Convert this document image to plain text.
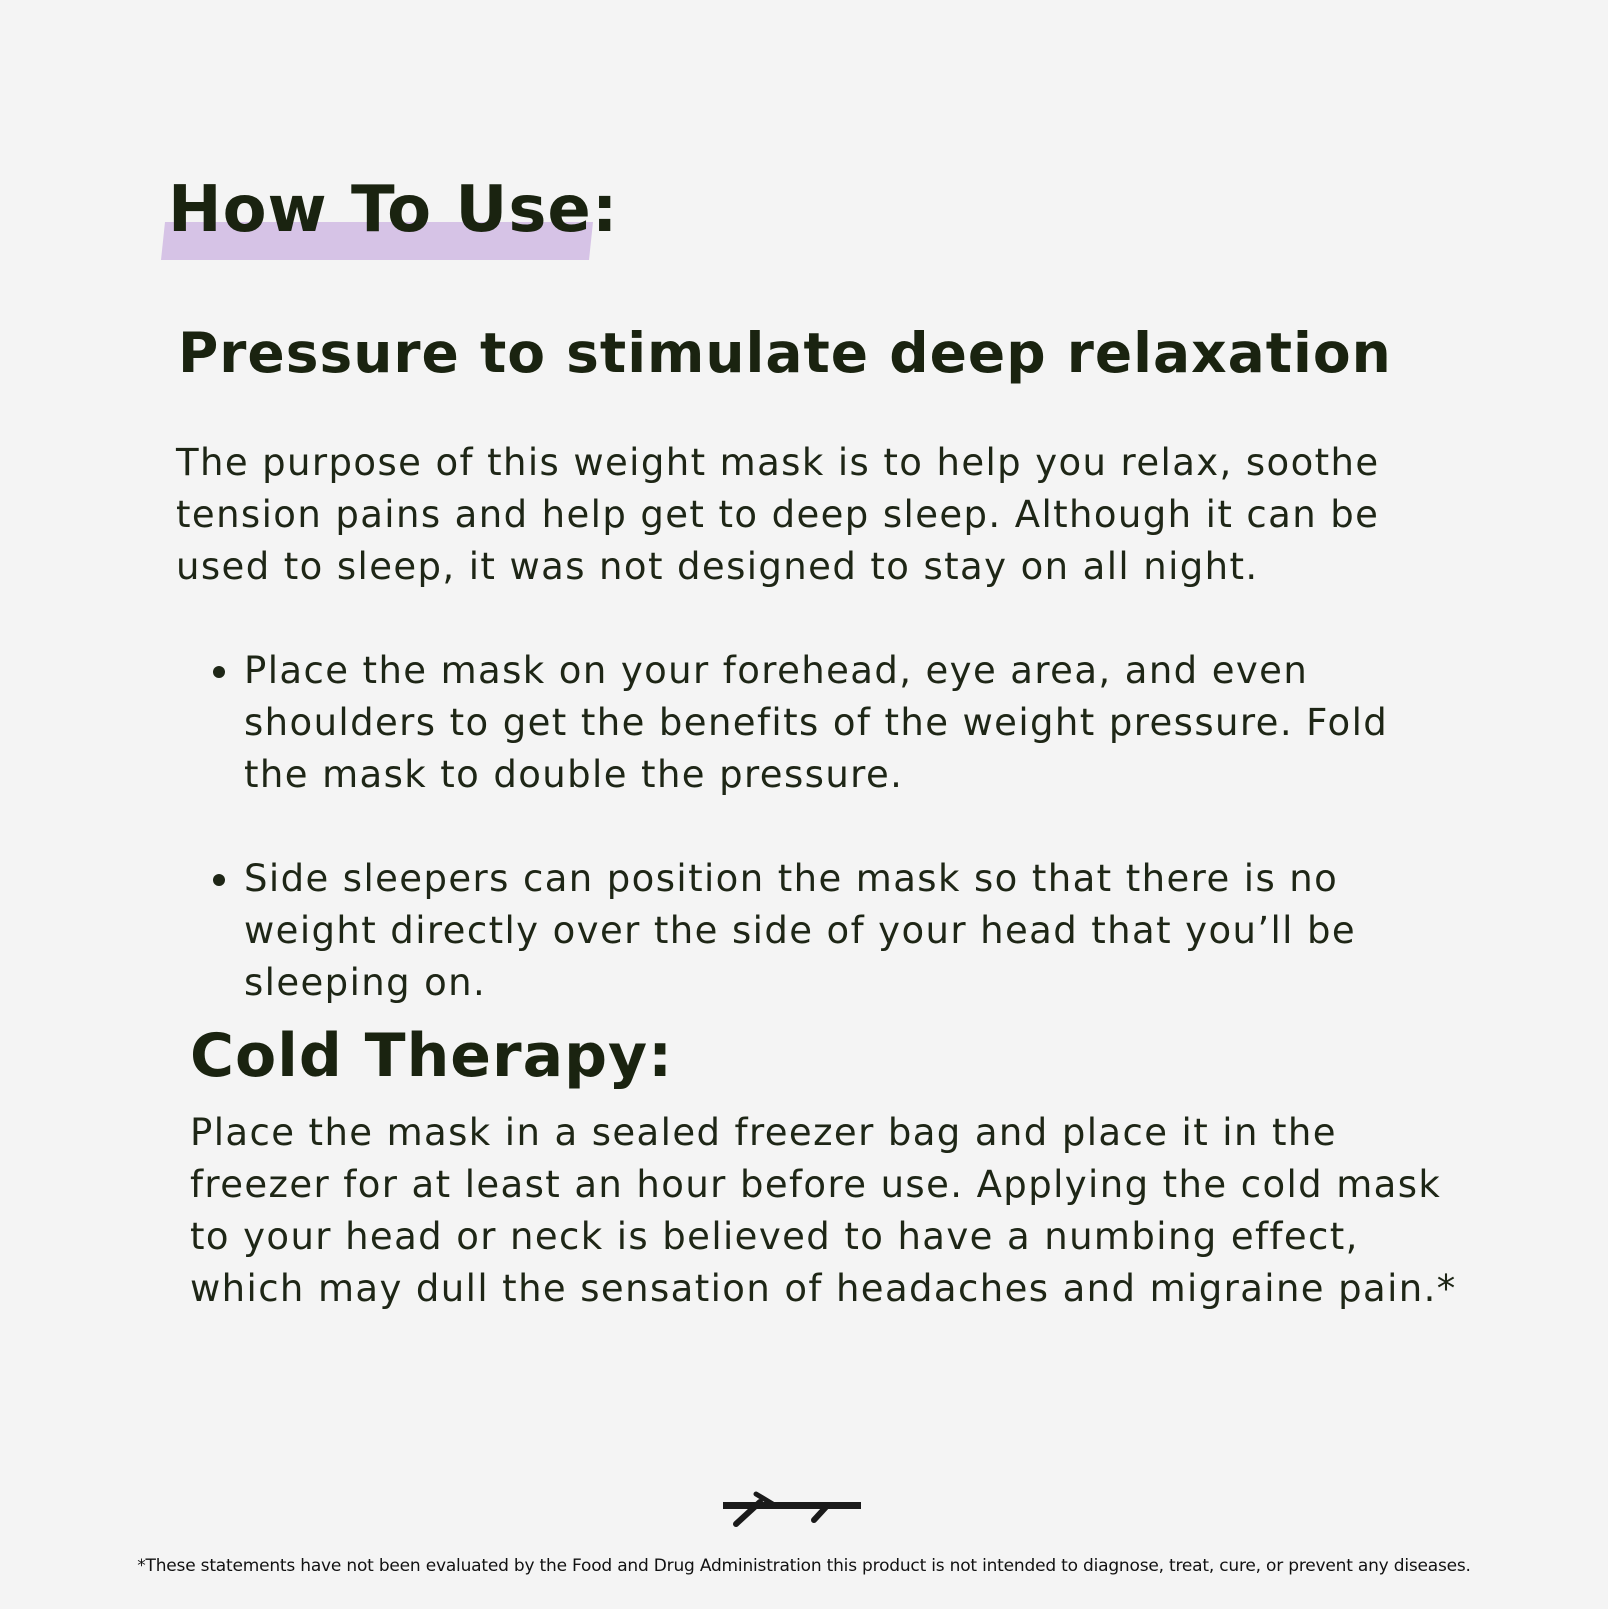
How To Use:
Pressure to stimulate deep relaxation

The purpose of this weight mask is to help you relax, soothe tension pains and help get to deep sleep. Although it can be used to sleep, it was not designed to stay on all night.

Place the mask on your forehead, eye area, and even shoulders to get the benefits of the weight pressure. Fold the mask to double the pressure.
Side sleepers can position the mask so that there is no weight directly over the side of your head that you’ll be sleeping on.
Cold Therapy:

Place the mask in a sealed freezer bag and place it in the freezer for at least an hour before use. Applying the cold mask to your head or neck is believed to have a numbing effect, which may dull the sensation of headaches and migraine pain.*

*These statements have not been evaluated by the Food and Drug Administration this product is not intended to diagnose, treat, cure, or prevent any diseases.
